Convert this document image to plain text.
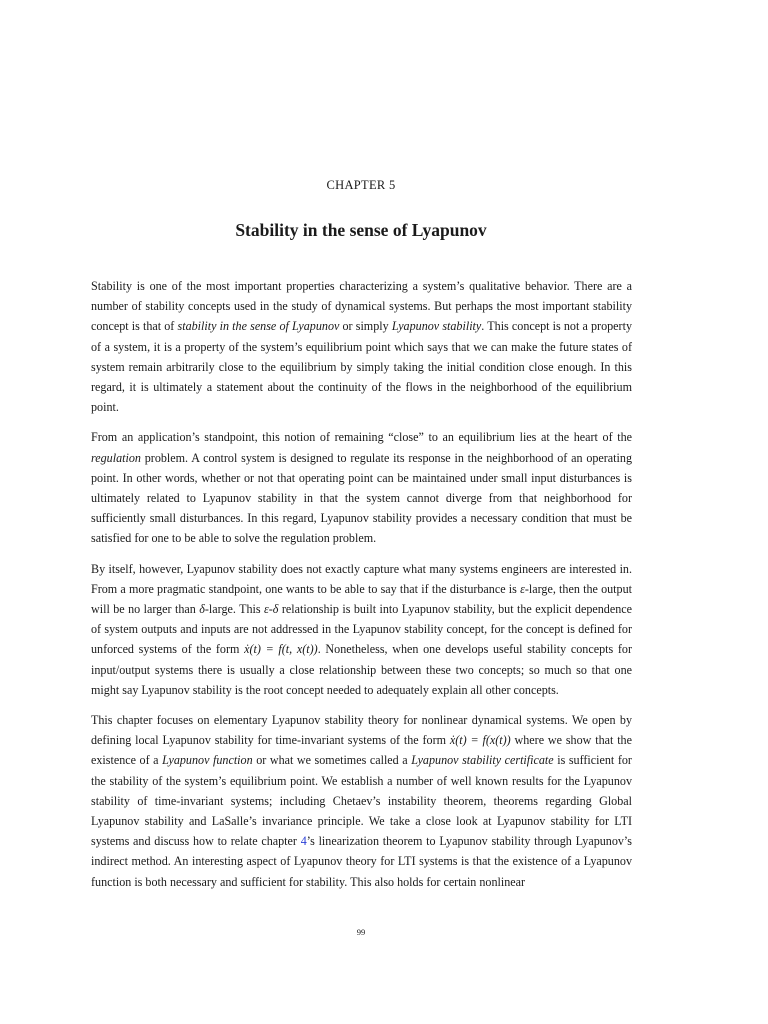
CHAPTER 5
Stability in the sense of Lyapunov

Stability is one of the most important properties characterizing a system’s qualitative behavior. There are a number of stability concepts used in the study of dynamical systems. But perhaps the most important stability concept is that of stability in the sense of Lyapunov or simply Lyapunov stability. This concept is not a property of a system, it is a property of the system’s equilibrium point which says that we can make the future states of system remain arbitrarily close to the equilibrium by simply taking the initial condition close enough. In this regard, it is ultimately a statement about the continuity of the flows in the neighborhood of the equilibrium point.

From an application’s standpoint, this notion of remaining “close” to an equilibrium lies at the heart of the regulation problem. A control system is designed to regulate its response in the neighborhood of an operating point. In other words, whether or not that operating point can be maintained under small input disturbances is ultimately related to Lyapunov stability in that the system cannot diverge from that neighborhood for sufficiently small disturbances. In this regard, Lyapunov stability provides a necessary condition that must be satisfied for one to be able to solve the regulation problem.

By itself, however, Lyapunov stability does not exactly capture what many systems engineers are interested in. From a more pragmatic standpoint, one wants to be able to say that if the disturbance is ε-large, then the output will be no larger than δ-large. This ε-δ relationship is built into Lyapunov stability, but the explicit dependence of system outputs and inputs are not addressed in the Lyapunov stability concept, for the concept is defined for unforced systems of the form ẋ(t) = f(t, x(t)). Nonetheless, when one develops useful stability concepts for input/output systems there is usually a close relationship between these two concepts; so much so that one might say Lyapunov stability is the root concept needed to adequately explain all other concepts.

This chapter focuses on elementary Lyapunov stability theory for nonlinear dynamical systems. We open by defining local Lyapunov stability for time-invariant systems of the form ẋ(t) = f(x(t)) where we show that the existence of a Lyapunov function or what we sometimes called a Lyapunov stability certificate is sufficient for the stability of the system’s equilibrium point. We establish a number of well known results for the Lyapunov stability of time-invariant systems; including Chetaev’s instability theorem, theorems regarding Global Lyapunov stability and LaSalle’s invariance principle. We take a close look at Lyapunov stability for LTI systems and discuss how to relate chapter 4’s linearization theorem to Lyapunov stability through Lyapunov’s indirect method. An interesting aspect of Lyapunov theory for LTI systems is that the existence of a Lyapunov function is both necessary and sufficient for stability. This also holds for certain nonlinear

99
